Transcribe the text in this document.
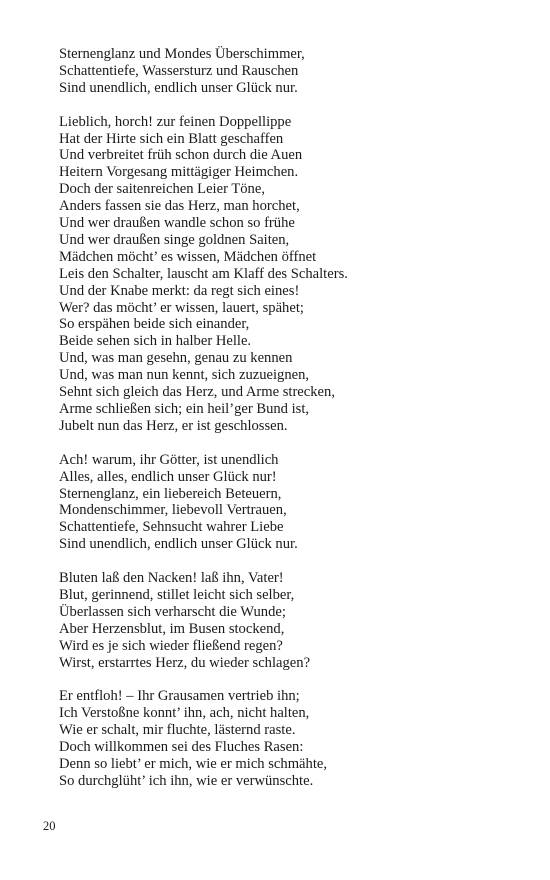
Sternenglanz und Mondes Überschimmer,
Schattentiefe, Wassersturz und Rauschen
Sind unendlich, endlich unser Glück nur.

Lieblich, horch! zur feinen Doppellippe
Hat der Hirte sich ein Blatt geschaffen
Und verbreitet früh schon durch die Auen
Heitern Vorgesang mittägiger Heimchen.
Doch der saitenreichen Leier Töne,
Anders fassen sie das Herz, man horchet,
Und wer draußen wandle schon so frühe
Und wer draußen singe goldnen Saiten,
Mädchen möcht’ es wissen, Mädchen öffnet
Leis den Schalter, lauscht am Klaff des Schalters.
Und der Knabe merkt: da regt sich eines!
Wer? das möcht’ er wissen, lauert, spähet;
So erspähen beide sich einander,
Beide sehen sich in halber Helle.
Und, was man gesehn, genau zu kennen
Und, was man nun kennt, sich zuzueignen,
Sehnt sich gleich das Herz, und Arme strecken,
Arme schließen sich; ein heil’ger Bund ist,
Jubelt nun das Herz, er ist geschlossen.

Ach! warum, ihr Götter, ist unendlich
Alles, alles, endlich unser Glück nur!
Sternenglanz, ein liebereich Beteuern,
Mondenschimmer, liebevoll Vertrauen,
Schattentiefe, Sehnsucht wahrer Liebe
Sind unendlich, endlich unser Glück nur.

Bluten laß den Nacken! laß ihn, Vater!
Blut, gerinnend, stillet leicht sich selber,
Überlassen sich verharscht die Wunde;
Aber Herzensblut, im Busen stockend,
Wird es je sich wieder fließend regen?
Wirst, erstarrtes Herz, du wieder schlagen?

Er entfloh! – Ihr Grausamen vertrieb ihn;
Ich Verstoßne konnt’ ihn, ach, nicht halten,
Wie er schalt, mir fluchte, lästernd raste.
Doch willkommen sei des Fluches Rasen:
Denn so liebt’ er mich, wie er mich schmähte,
So durchglüht’ ich ihn, wie er verwünschte.

20
